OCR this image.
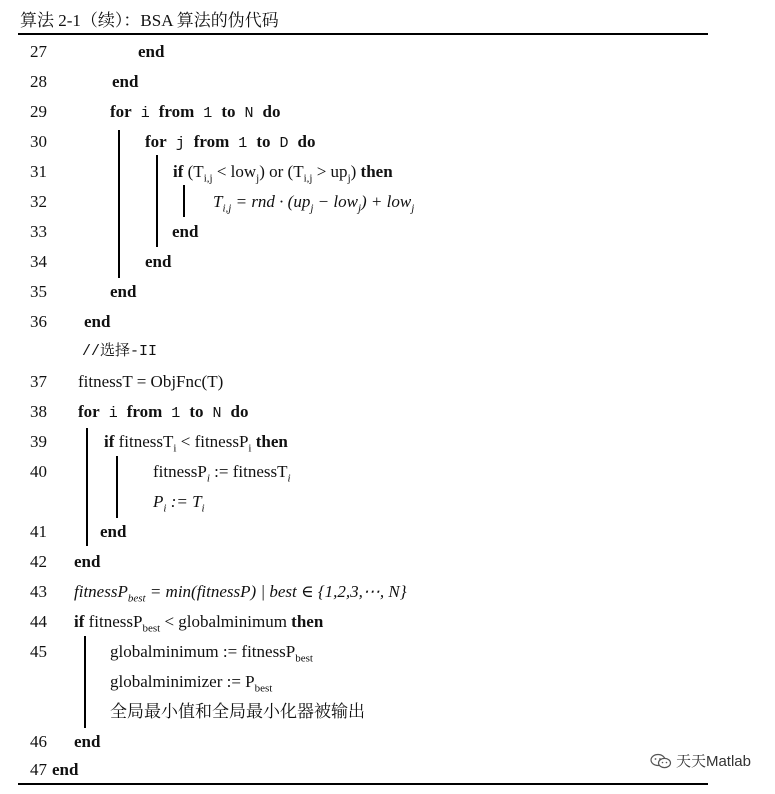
算法 2-1（续）：BSA 算法的伪代码
27	end
28	end
29	for i from 1 to N do
30	for j from 1 to D do
31	if $(T_{i,j} < low_j)$ or $(T_{i,j} > up_j)$ then
32	$T_{i,j}$ = rnd · $(up_j - low_j) + low_j$
33	end
34	end
35	end
36 end
//选择-II
37 fitnessT = ObjFnc(T)
38 for i from 1 to N do
39	if fitnessT$_i$ < fitnessP$_i$ then
40	fitnessP$_i$ := fitnessT$_i$
$P_i$ := $T_i$
41	end
42 end
43 fitnessP$_{best}$ = min(fitnessP) | best ∈ {1,2,3,⋯, N}
44 if fitnessP$_{best}$ < globalminimum then
45	globalminimum := fitnessP$_{best}$
globalminimizer := $P_{best}$
全局最小值和全局最小化器被输出
46 end
47 end	天天Matlab
